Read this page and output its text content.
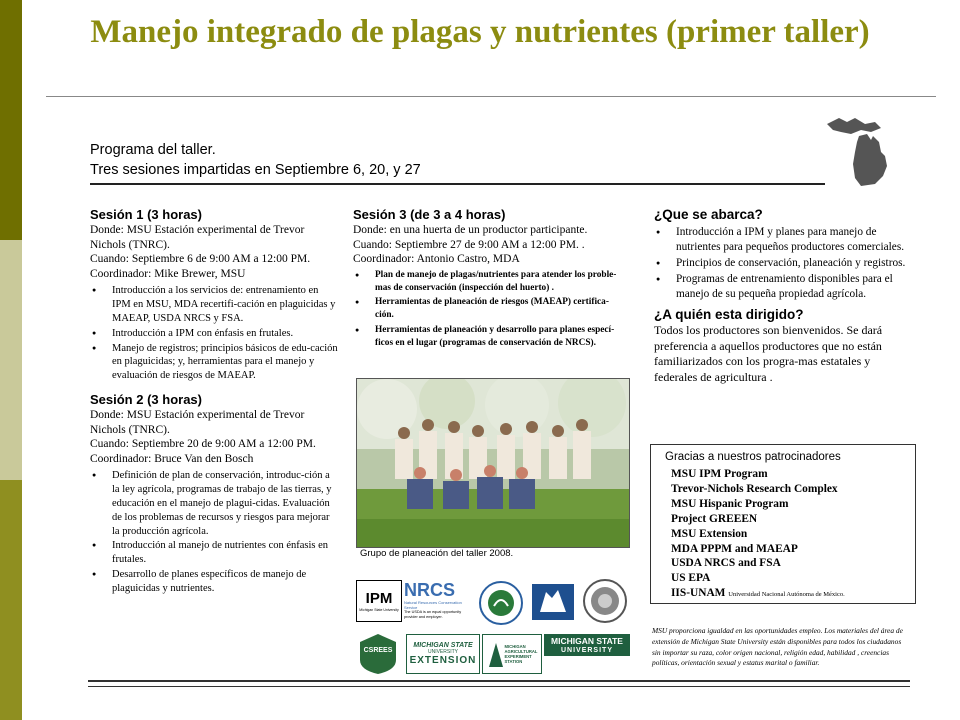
Manejo integrado de plagas y nutrientes (primer taller)
Programa del taller.
Tres sesiones impartidas en Septiembre 6, 20, y 27
Sesión 1 (3 horas)

Donde: MSU Estación experimental de Trevor Nichols (TNRC).

Cuando: Septiembre 6 de 9:00 AM a 12:00 PM.

Coordinador: Mike Brewer, MSU

● Introducción a los servicios de: entrenamiento en IPM en MSU, MDA recertifi-cación en plaguicidas y MAEAP, USDA NRCS y FSA.
● Introducción a IPM con énfasis en frutales.
● Manejo de registros; principios básicos de edu-cación en plaguicidas; y, herramientas para el manejo y evaluación de riesgos de MAEAP.
Sesión 2 (3 horas)

Donde: MSU Estación experimental de Trevor Nichols (TNRC).

Cuando: Septiembre 20 de 9:00 AM a 12:00 PM.

Coordinador: Bruce Van den Bosch

● Definición de plan de conservación, introduc-ción a la ley agrícola, programas de trabajo de las tierras, y educación en el manejo de plagui-cidas. Evaluación de los problemas de recursos y riesgos para mejorar la producción agrícola.
● Introducción al manejo de nutrientes con énfasis en frutales.
● Desarrollo de planes específicos de manejo de plaguicidas y nutrientes.
Sesión 3 (de 3 a 4 horas)

Donde: en una huerta de un productor participante.

Cuando: Septiembre 27 de 9:00 AM a 12:00 PM. .

Coordinador: Antonio Castro, MDA

● Plan de manejo de plagas/nutrientes para atender los proble-mas de conservación (inspección del huerto) .
● Herramientas de planeación de riesgos (MAEAP) certifica-ción.
● Herramientas de planeación y desarrollo para planes especí-ficos en el lugar (programas de conservación de NRCS).
Grupo de planeación del taller 2008.
¿Que se abarca?
● Introducción a IPM y planes para manejo de nutrientes para pequeños productores comerciales.
● Principios de conservación, planeación y registros.
● Programas de entrenamiento disponibles para el manejo de su pequeña propiedad agrícola.
¿A quién esta dirigido?

Todos los productores son bienvenidos. Se dará preferencia a aquellos productores que no están familiarizados con los progra-mas estatales y federales de agricultura .

Gracias a nuestros patrocinadores
MSU IPM Program
Trevor-Nichols Research Complex
MSU Hispanic Program
Project GREEEN
MSU Extension
MDA PPPM and MAEAP
USDA NRCS and FSA
US EPA
IIS-UNAM Universidad Nacional Autónoma de México.
IPM
Michigan State University
NRCS
Natural Resources Conservation Service
The USDA is an equal opportunity provider and employer.
CSREES
MICHIGAN STATE
UNIVERSITY
EXTENSION
MICHIGAN
AGRICULTURAL
EXPERIMENT
STATION
MICHIGAN STATE
UNIVERSITY
MSU proporciona igualdad en las oportunidades empleo. Los materiales del área de extensión de Michigan State University están disponibles para todos los ciudadanos sin importar su raza, color origen nacional, religión edad, habilidad , creencias políticas, orientación sexual y estatus marital o familiar.
